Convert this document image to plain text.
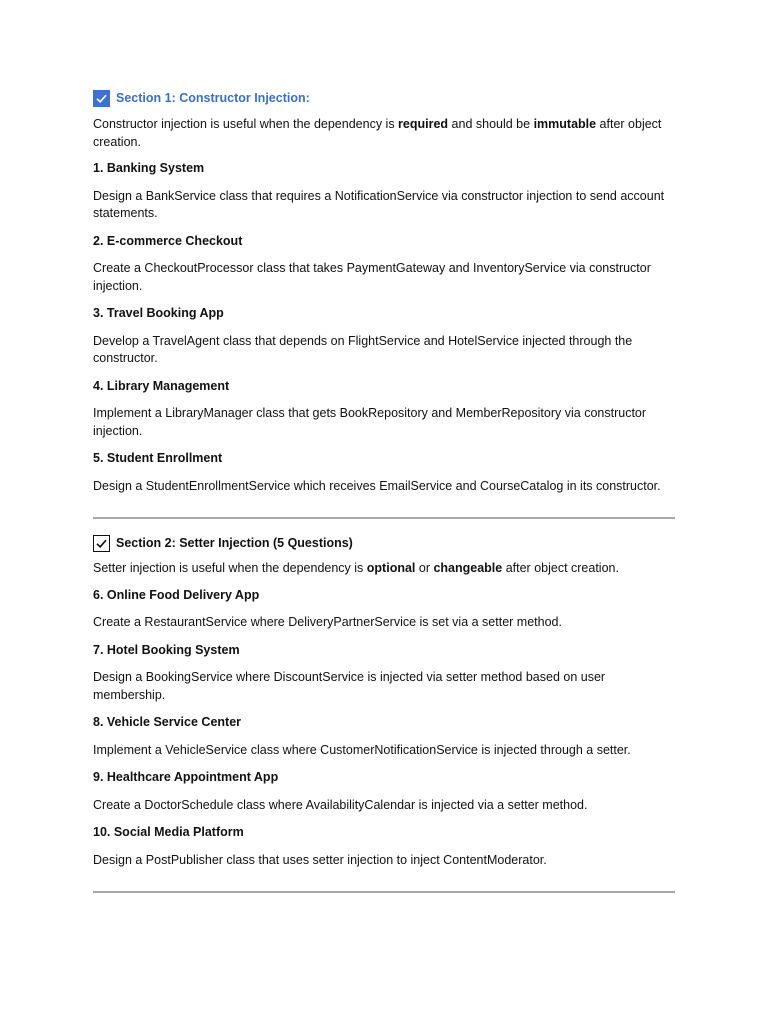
Section 1: Constructor Injection:
Constructor injection is useful when the dependency is required and should be immutable after object creation.
1. Banking System
Design a BankService class that requires a NotificationService via constructor injection to send account statements.
2. E-commerce Checkout
Create a CheckoutProcessor class that takes PaymentGateway and InventoryService via constructor injection.
3. Travel Booking App
Develop a TravelAgent class that depends on FlightService and HotelService injected through the constructor.
4. Library Management
Implement a LibraryManager class that gets BookRepository and MemberRepository via constructor injection.
5. Student Enrollment
Design a StudentEnrollmentService which receives EmailService and CourseCatalog in its constructor.
Section 2: Setter Injection (5 Questions)
Setter injection is useful when the dependency is optional or changeable after object creation.
6. Online Food Delivery App
Create a RestaurantService where DeliveryPartnerService is set via a setter method.
7. Hotel Booking System
Design a BookingService where DiscountService is injected via setter method based on user membership.
8. Vehicle Service Center
Implement a VehicleService class where CustomerNotificationService is injected through a setter.
9. Healthcare Appointment App
Create a DoctorSchedule class where AvailabilityCalendar is injected via a setter method.
10. Social Media Platform
Design a PostPublisher class that uses setter injection to inject ContentModerator.
